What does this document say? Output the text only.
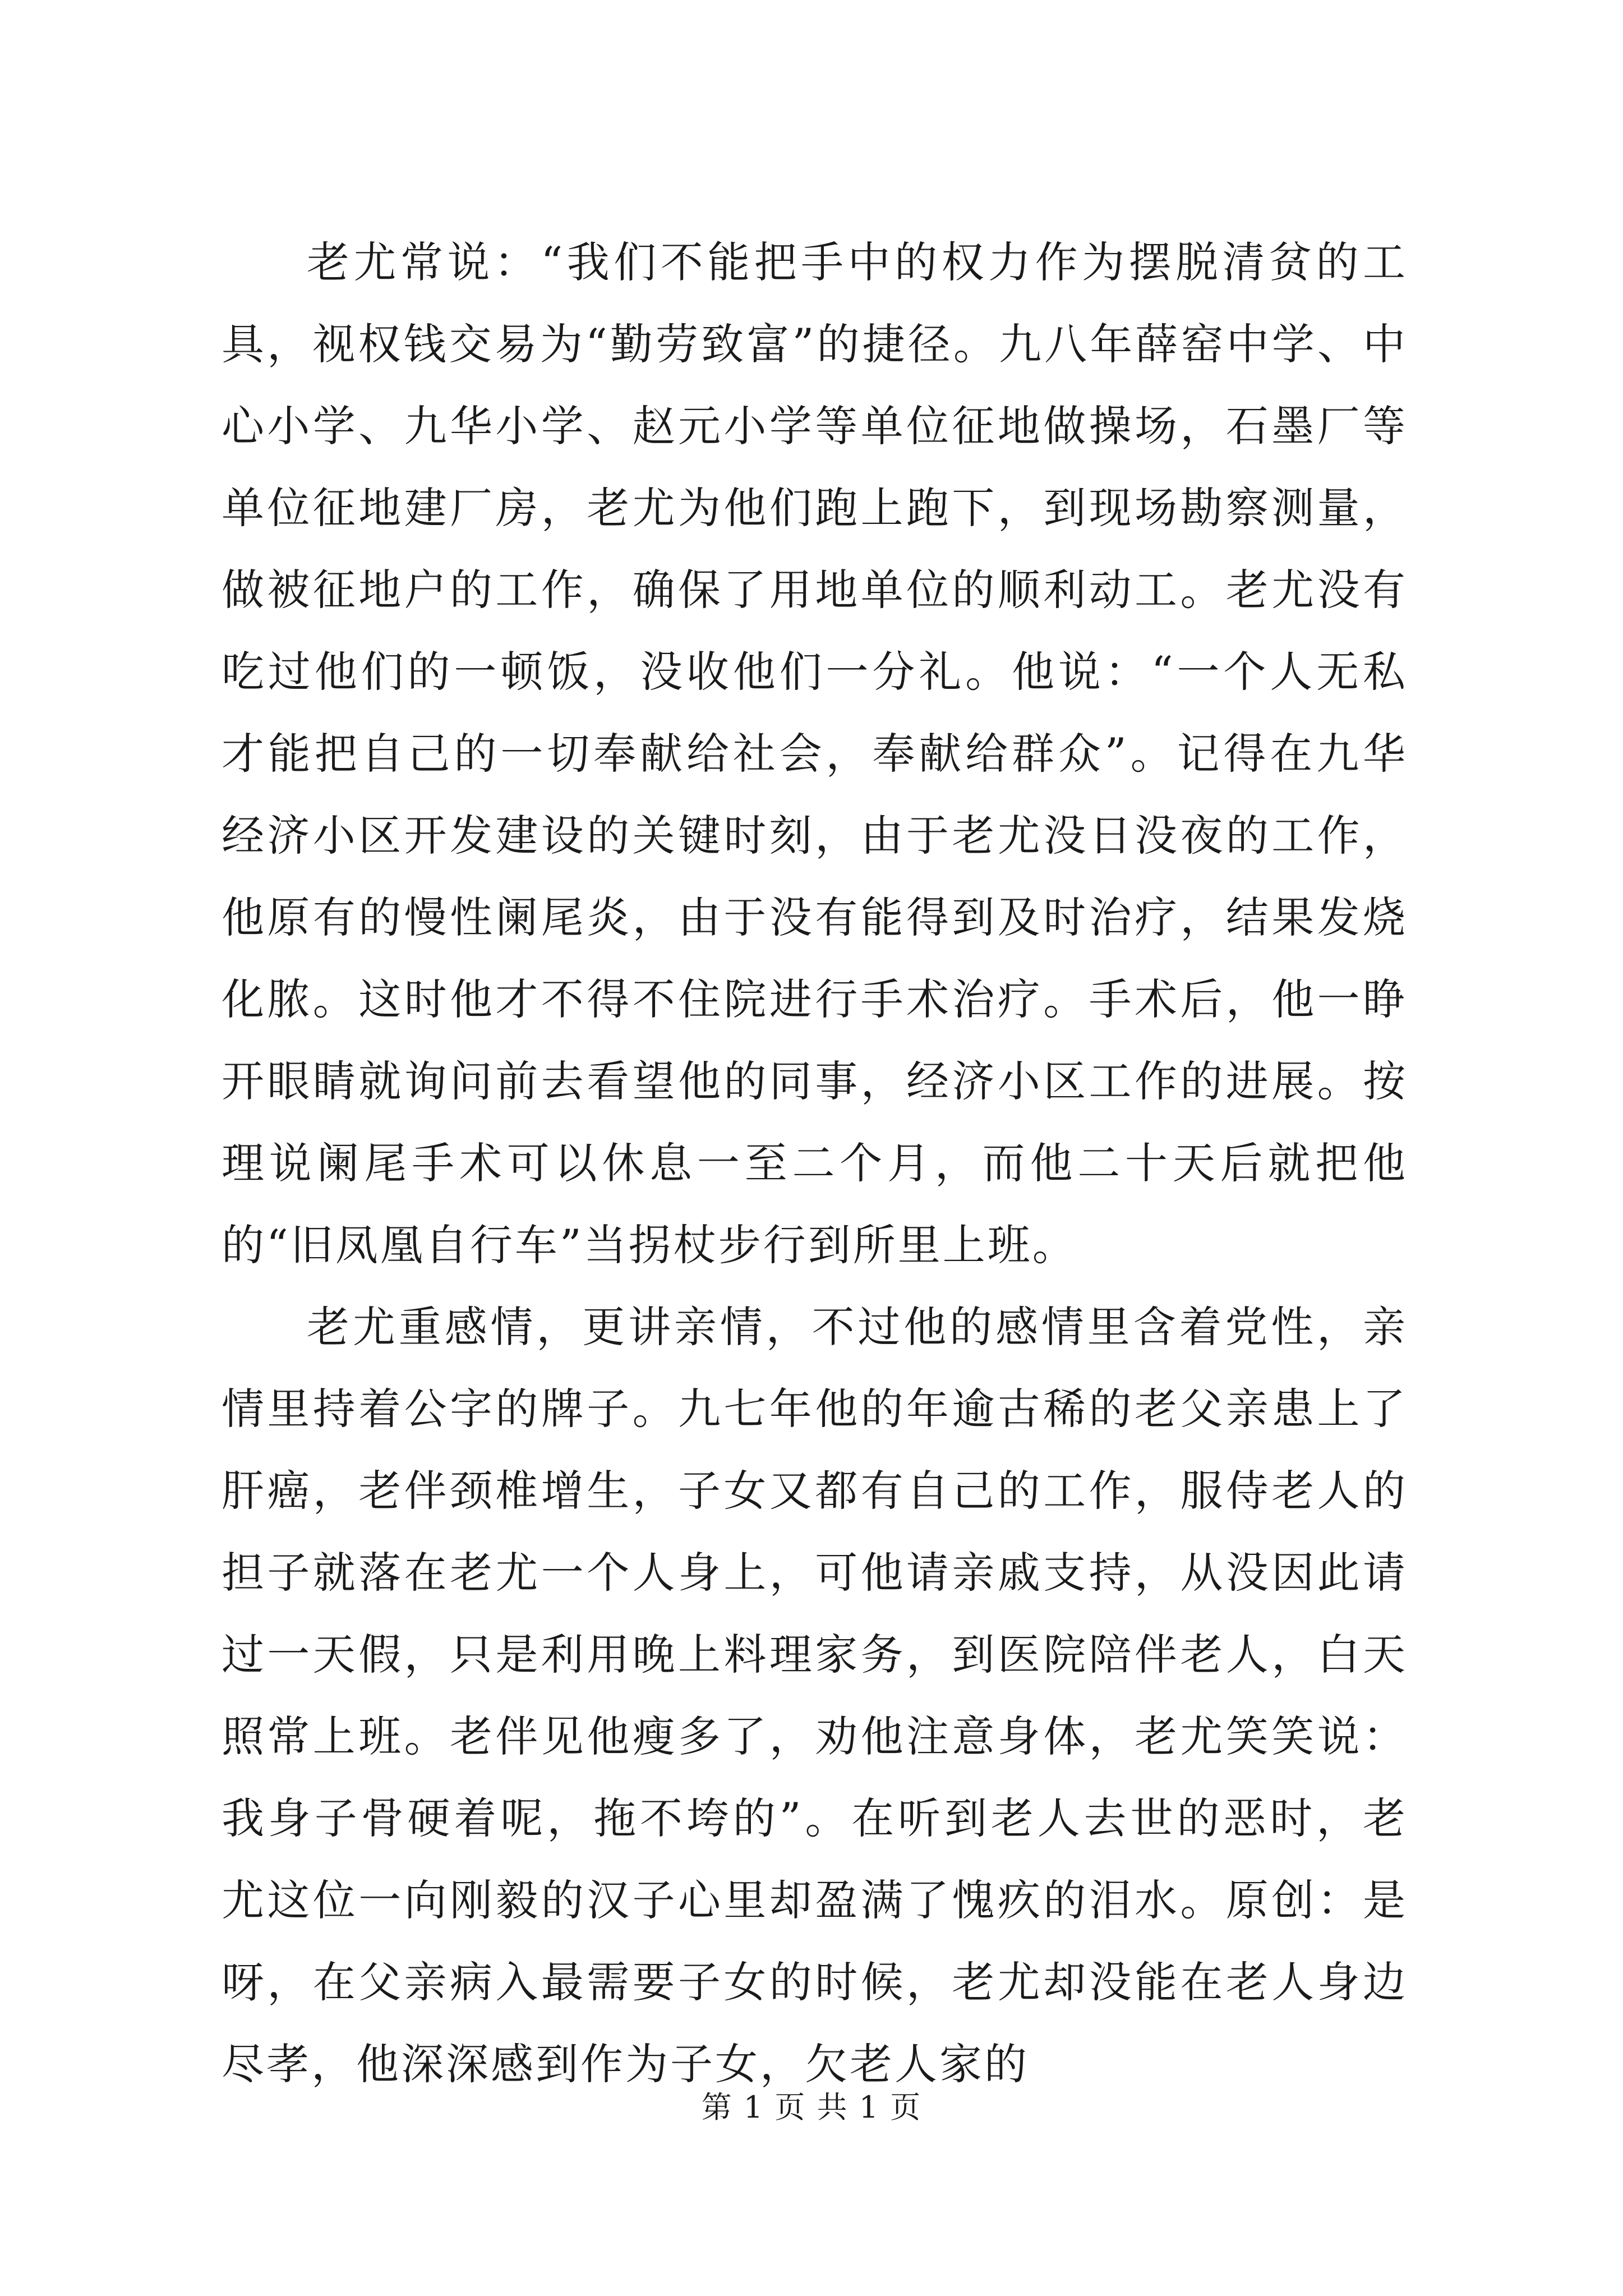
老尤常说：“我们不能把手中的权力作为摆脱清贫的工具，视权钱交易为“勤劳致富”的捷径。九八年薛窑中学、中心小学、九华小学、赵元小学等单位征地做操场，石墨厂等单位征地建厂房，老尤为他们跑上跑下，到现场勘察测量，做被征地户的工作，确保了用地单位的顺利动工。老尤没有吃过他们的一顿饭，没收他们一分礼。他说：“一个人无私才能把自己的一切奉献给社会，奉献给群众”。记得在九华经济小区开发建设的关键时刻，由于老尤没日没夜的工作，他原有的慢性阑尾炎，由于没有能得到及时治疗，结果发烧化脓。这时他才不得不住院进行手术治疗。手术后，他一睁开眼睛就询问前去看望他的同事，经济小区工作的进展。按理说阑尾手术可以休息一至二个月，而他二十天后就把他的“旧凤凰自行车”当拐杖步行到所里上班。

老尤重感情，更讲亲情，不过他的感情里含着党性，亲情里持着公字的牌子。九七年他的年逾古稀的老父亲患上了肝癌，老伴颈椎增生，子女又都有自己的工作，服侍老人的担子就落在老尤一个人身上，可他请亲戚支持，从没因此请过一天假，只是利用晚上料理家务，到医院陪伴老人，白天照常上班。老伴见他瘦多了，劝他注意身体，老尤笑笑说：我身子骨硬着呢，拖不垮的”。在听到老人去世的恶时，老尤这位一向刚毅的汉子心里却盈满了愧疚的泪水。原创：是呀，在父亲病入最需要子女的时候，老尤却没能在老人身边尽孝，他深深感到作为子女，欠老人家的

第 1 页 共 1 页
